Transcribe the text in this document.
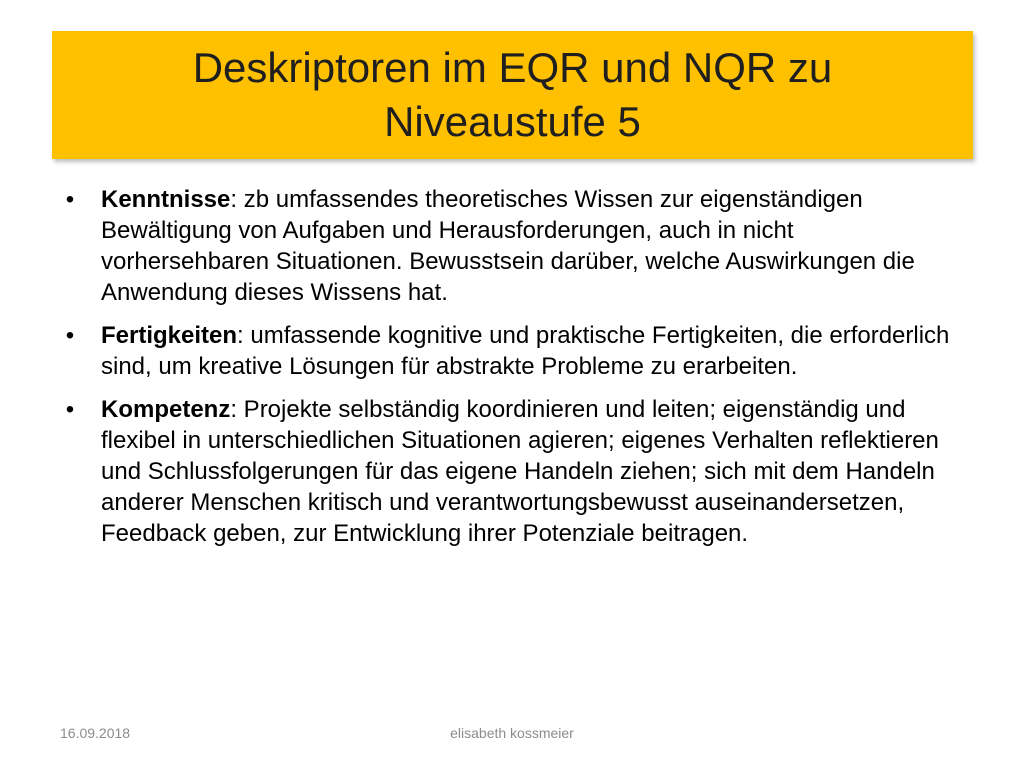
Deskriptoren im EQR und NQR zu Niveaustufe 5
• Kenntnisse: zb umfassendes theoretisches Wissen zur eigenständigen Bewältigung von Aufgaben und Herausforderungen, auch in nicht vorhersehbaren Situationen. Bewusstsein darüber, welche Auswirkungen die Anwendung dieses Wissens hat.
• Fertigkeiten: umfassende kognitive und praktische Fertigkeiten, die erforderlich sind, um kreative Lösungen für abstrakte Probleme zu erarbeiten.
• Kompetenz: Projekte selbständig koordinieren und leiten; eigenständig und flexibel in unterschiedlichen Situationen agieren; eigenes Verhalten reflektieren und Schlussfolgerungen für das eigene Handeln ziehen; sich mit dem Handeln anderer Menschen kritisch und verantwortungsbewusst auseinandersetzen, Feedback geben, zur Entwicklung ihrer Potenziale beitragen.
elisabeth kossmeier
16.09.2018
